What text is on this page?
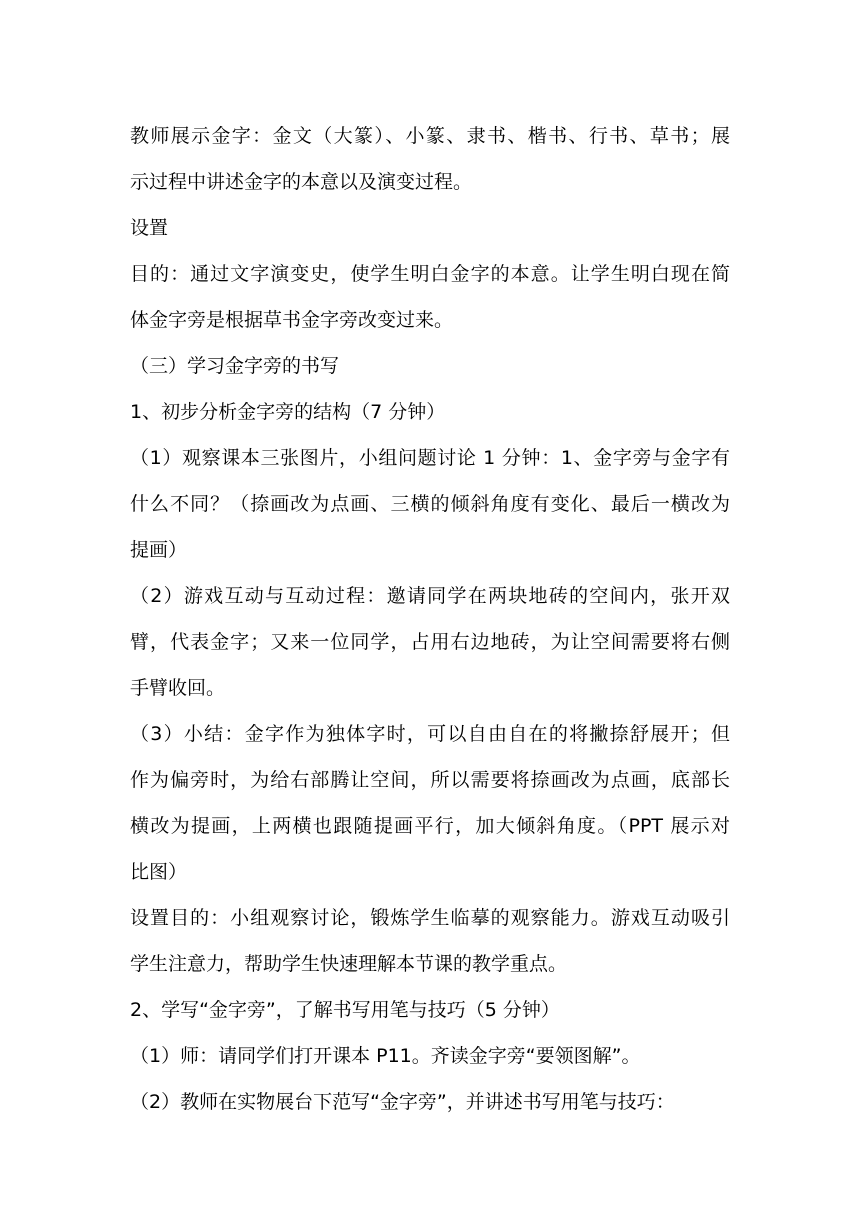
教师展示金字：金文（大篆）、小篆、隶书、楷书、行书、草书；展
示过程中讲述金字的本意以及演变过程。
设置
目的：通过文字演变史，使学生明白金字的本意。让学生明白现在简
体金字旁是根据草书金字旁改变过来。
（三）学习金字旁的书写
1、初步分析金字旁的结构（7 分钟）
（1）观察课本三张图片，小组问题讨论 1 分钟：1、金字旁与金字有
什么不同？（捺画改为点画、三横的倾斜角度有变化、最后一横改为
提画）
（2）游戏互动与互动过程：邀请同学在两块地砖的空间内，张开双
臂，代表金字；又来一位同学，占用右边地砖，为让空间需要将右侧
手臂收回。
（3）小结：金字作为独体字时，可以自由自在的将撇捺舒展开；但
作为偏旁时，为给右部腾让空间，所以需要将捺画改为点画，底部长
横改为提画，上两横也跟随提画平行，加大倾斜角度。（PPT 展示对
比图）
设置目的：小组观察讨论，锻炼学生临摹的观察能力。游戏互动吸引
学生注意力，帮助学生快速理解本节课的教学重点。
2、学写“金字旁”，了解书写用笔与技巧（5 分钟）
（1）师：请同学们打开课本 P11。齐读金字旁“要领图解”。
（2）教师在实物展台下范写“金字旁”，并讲述书写用笔与技巧：
